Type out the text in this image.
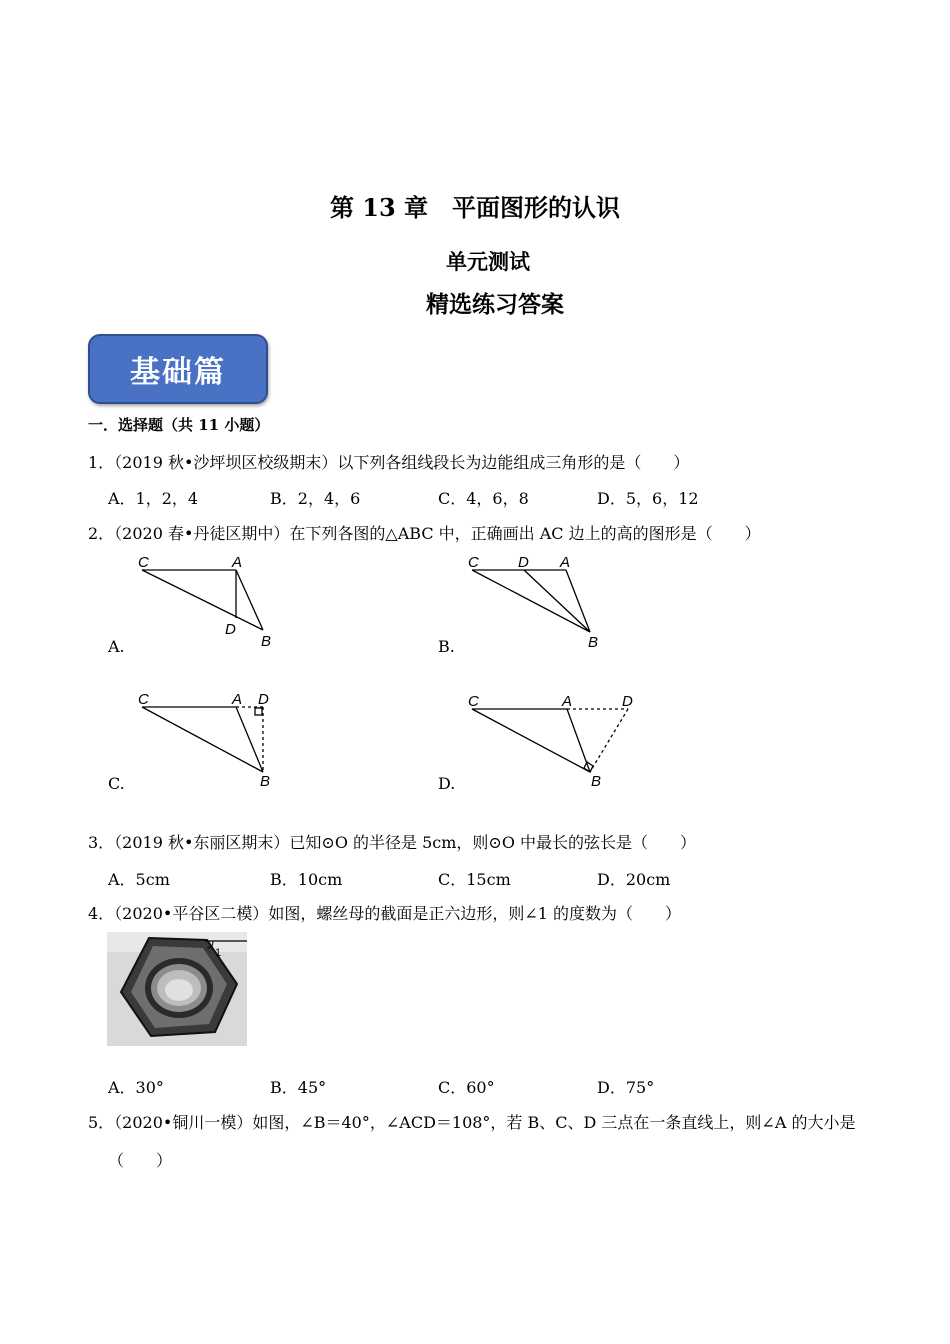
第 13 章　平面图形的认识
单元测试
精选练习答案
基础篇
一．选择题（共 11 小题）
1．（2019 秋•沙坪坝区校级期末）以下列各组线段长为边能组成三角形的是（　　）
A．1，2，4	B．2，4，6	C．4，6，8	D．5，6，12
2．（2020 春•丹徒区期中）在下列各图的△ABC 中，正确画出 AC 边上的高的图形是（　　）
C	A
D
B
A.
C	D A
B
B.
C	A D
B
C.
C	A	D
B
D.
3．（2019 秋•东丽区期末）已知⊙O 的半径是 5cm，则⊙O 中最长的弦长是（　　）
A．5cm	B．10cm	C．15cm	D．20cm
4．（2020•平谷区二模）如图，螺丝母的截面是正六边形，则∠1 的度数为（　　）
1
A．30°	B．45°	C．60°	D．75°
5．（2020•铜川一模）如图，∠B＝40°，∠ACD＝108°，若 B、C、D 三点在一条直线上，则∠A 的大小是
（　　）
